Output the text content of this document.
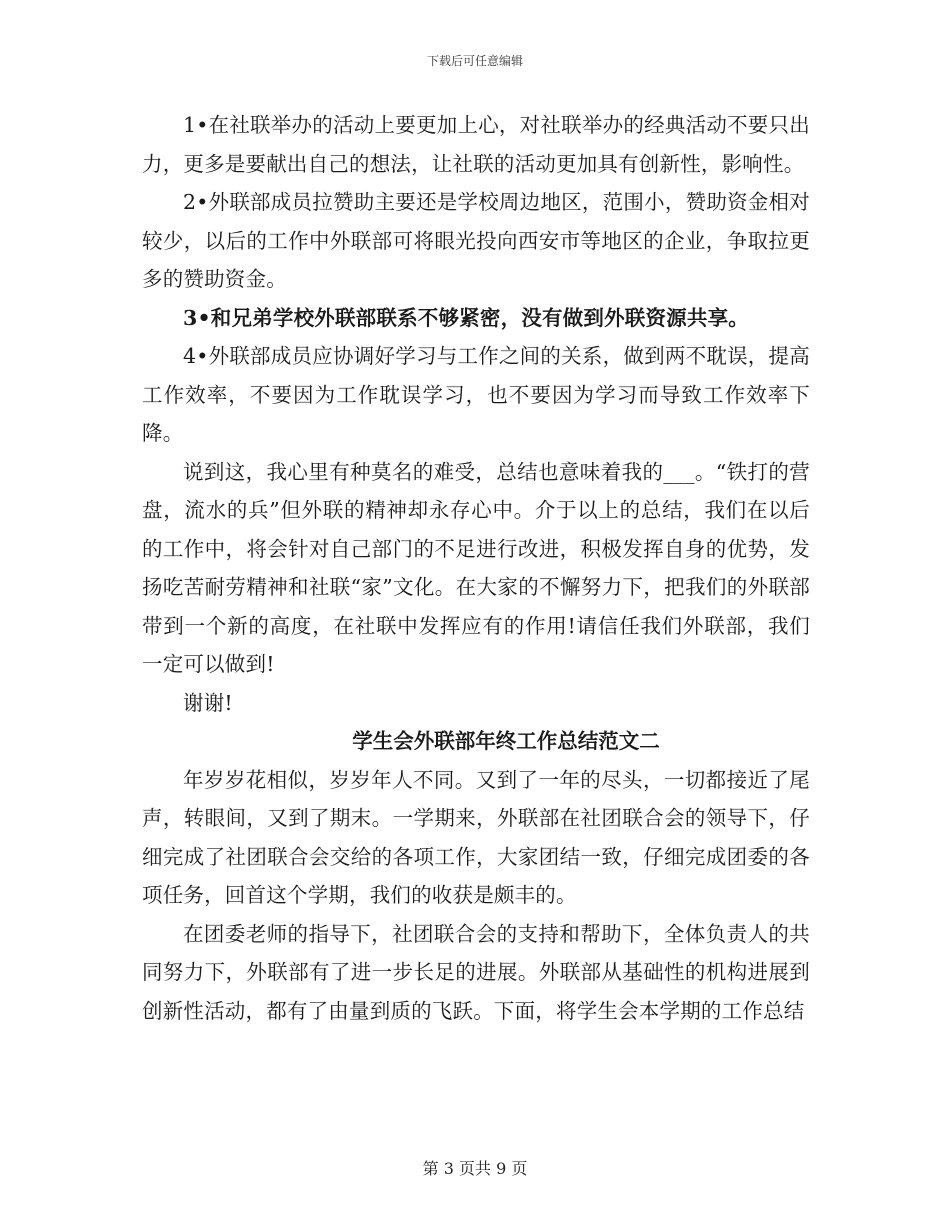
下载后可任意编辑

1•在社联举办的活动上要更加上心，对社联举办的经典活动不要只出力，更多是要献出自己的想法，让社联的活动更加具有创新性，影响性。

2•外联部成员拉赞助主要还是学校周边地区，范围小，赞助资金相对较少，以后的工作中外联部可将眼光投向西安市等地区的企业，争取拉更多的赞助资金。

3•和兄弟学校外联部联系不够紧密，没有做到外联资源共享。

4•外联部成员应协调好学习与工作之间的关系，做到两不耽误，提高工作效率，不要因为工作耽误学习，也不要因为学习而导致工作效率下降。

说到这，我心里有种莫名的难受，总结也意味着我的___。“铁打的营盘，流水的兵”但外联的精神却永存心中。介于以上的总结，我们在以后的工作中，将会针对自己部门的不足进行改进，积极发挥自身的优势，发扬吃苦耐劳精神和社联“家”文化。在大家的不懈努力下，把我们的外联部带到一个新的高度，在社联中发挥应有的作用!请信任我们外联部，我们一定可以做到!

谢谢!

学生会外联部年终工作总结范文二

年岁岁花相似，岁岁年人不同。又到了一年的尽头，一切都接近了尾声，转眼间，又到了期末。一学期来，外联部在社团联合会的领导下，仔细完成了社团联合会交给的各项工作，大家团结一致，仔细完成团委的各项任务，回首这个学期，我们的收获是颇丰的。

在团委老师的指导下，社团联合会的支持和帮助下，全体负责人的共同努力下，外联部有了进一步长足的进展。外联部从基础性的机构进展到创新性活动，都有了由量到质的飞跃。下面，将学生会本学期的工作总结

第 3 页共 9 页
